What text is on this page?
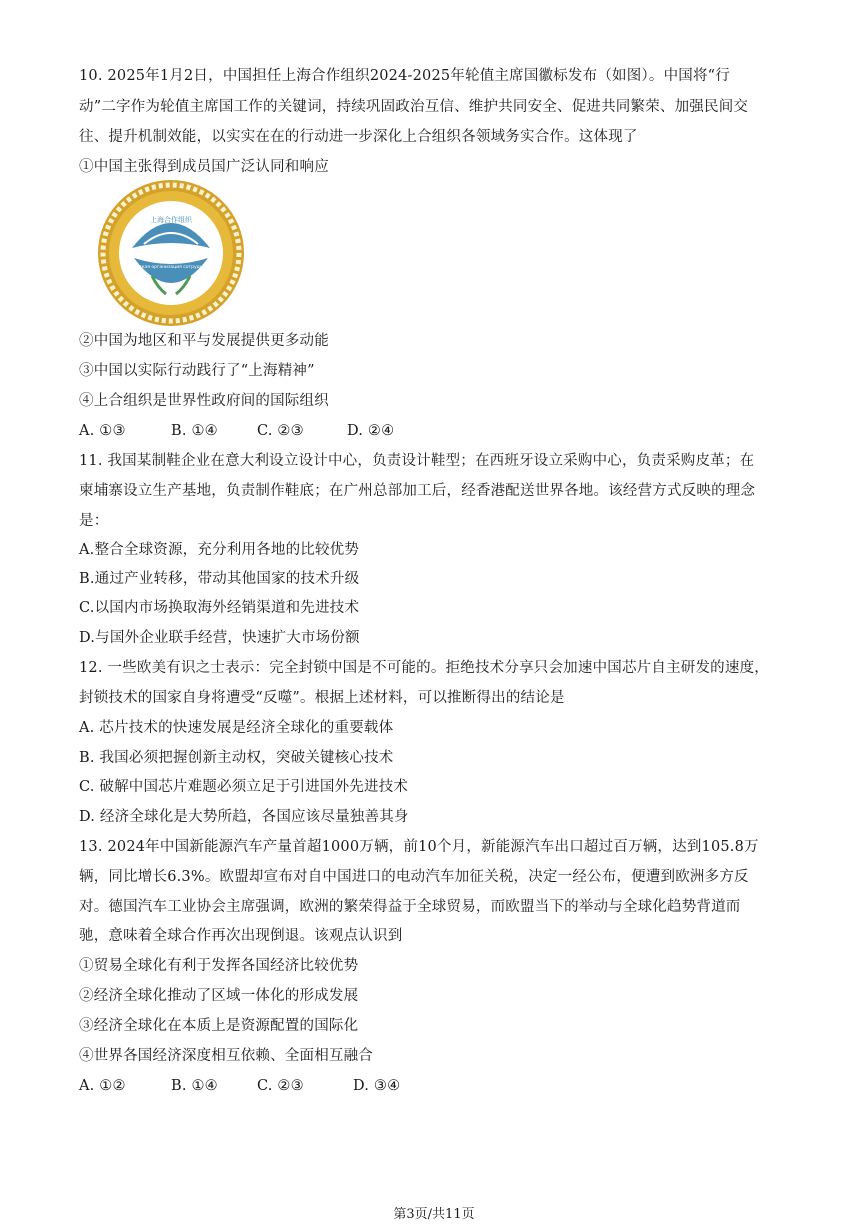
10. 2025年1月2日，中国担任上海合作组织2024-2025年轮值主席国徽标发布（如图）。中国将“行
动”二字作为轮值主席国工作的关键词，持续巩固政治互信、维护共同安全、促进共同繁荣、加强民间交
往、提升机制效能，以实实在在的行动进一步深化上合组织各领域务实合作。这体现了
①中国主张得到成员国广泛认同和响应
上海合作组织
Шанхайская организация сотрудничества
②中国为地区和平与发展提供更多动能
③中国以实际行动践行了“上海精神”
④上合组织是世界性政府间的国际组织
A. ①③	B. ①④	C. ②③	D. ②④
11. 我国某制鞋企业在意大利设立设计中心，负责设计鞋型；在西班牙设立采购中心，负责采购皮革；在
柬埔寨设立生产基地，负责制作鞋底；在广州总部加工后，经香港配送世界各地。该经营方式反映的理念
是：
A.整合全球资源，充分利用各地的比较优势
B.通过产业转移，带动其他国家的技术升级
C.以国内市场换取海外经销渠道和先进技术
D.与国外企业联手经营，快速扩大市场份额
12. 一些欧美有识之士表示：完全封锁中国是不可能的。拒绝技术分享只会加速中国芯片自主研发的速度，
封锁技术的国家自身将遭受“反噬”。根据上述材料，可以推断得出的结论是
A. 芯片技术的快速发展是经济全球化的重要载体
B. 我国必须把握创新主动权，突破关键核心技术
C. 破解中国芯片难题必须立足于引进国外先进技术
D. 经济全球化是大势所趋，各国应该尽量独善其身
13. 2024年中国新能源汽车产量首超1000万辆，前10个月，新能源汽车出口超过百万辆，达到105.8万
辆，同比增长6.3%。欧盟却宣布对自中国进口的电动汽车加征关税，决定一经公布，便遭到欧洲多方反
对。德国汽车工业协会主席强调，欧洲的繁荣得益于全球贸易，而欧盟当下的举动与全球化趋势背道而
驰，意味着全球合作再次出现倒退。该观点认识到
①贸易全球化有利于发挥各国经济比较优势
②经济全球化推动了区域一体化的形成发展
③经济全球化在本质上是资源配置的国际化
④世界各国经济深度相互依赖、全面相互融合
A. ①②	B. ①④	C. ②③	D. ③④
第3页/共11页
